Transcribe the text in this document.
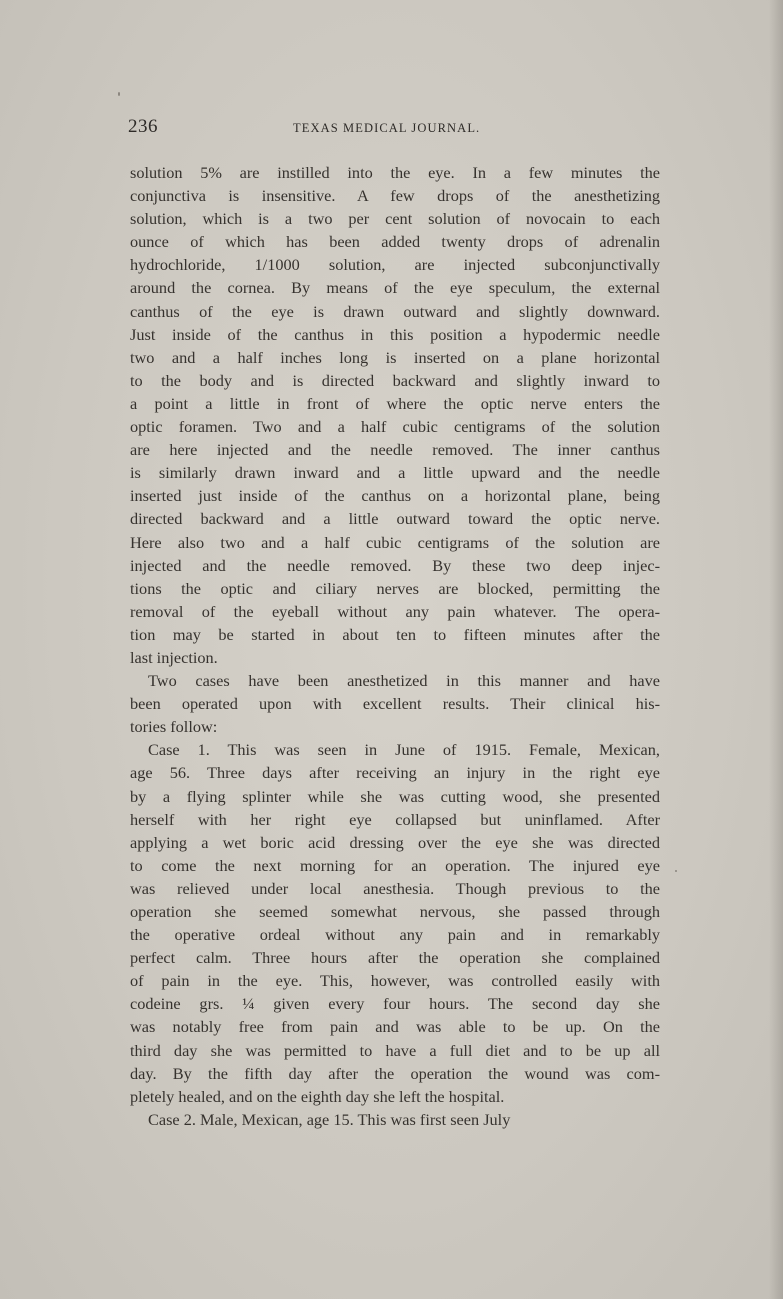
236	TEXAS MEDICAL JOURNAL.
solution 5% are instilled into the eye. In a few minutes the
conjunctiva is insensitive. A few drops of the anesthetizing
solution, which is a two per cent solution of novocain to each
ounce of which has been added twenty drops of adrenalin
hydrochloride, 1/1000 solution, are injected subconjunctivally
around the cornea. By means of the eye speculum, the external
canthus of the eye is drawn outward and slightly downward.
Just inside of the canthus in this position a hypodermic needle
two and a half inches long is inserted on a plane horizontal
to the body and is directed backward and slightly inward to
a point a little in front of where the optic nerve enters the
optic foramen. Two and a half cubic centigrams of the solution
are here injected and the needle removed. The inner canthus
is similarly drawn inward and a little upward and the needle
inserted just inside of the canthus on a horizontal plane, being
directed backward and a little outward toward the optic nerve.
Here also two and a half cubic centigrams of the solution are
injected and the needle removed. By these two deep injec-
tions the optic and ciliary nerves are blocked, permitting the
removal of the eyeball without any pain whatever. The opera-
tion may be started in about ten to fifteen minutes after the
last injection.
Two cases have been anesthetized in this manner and have
been operated upon with excellent results. Their clinical his-
tories follow:
Case 1. This was seen in June of 1915. Female, Mexican,
age 56. Three days after receiving an injury in the right eye
by a flying splinter while she was cutting wood, she presented
herself with her right eye collapsed but uninflamed. After
applying a wet boric acid dressing over the eye she was directed
to come the next morning for an operation. The injured eye
was relieved under local anesthesia. Though previous to the
operation she seemed somewhat nervous, she passed through
the operative ordeal without any pain and in remarkably
perfect calm. Three hours after the operation she complained
of pain in the eye. This, however, was controlled easily with
codeine grs. ¼ given every four hours. The second day she
was notably free from pain and was able to be up. On the
third day she was permitted to have a full diet and to be up all
day. By the fifth day after the operation the wound was com-
pletely healed, and on the eighth day she left the hospital.
Case 2. Male, Mexican, age 15. This was first seen July
